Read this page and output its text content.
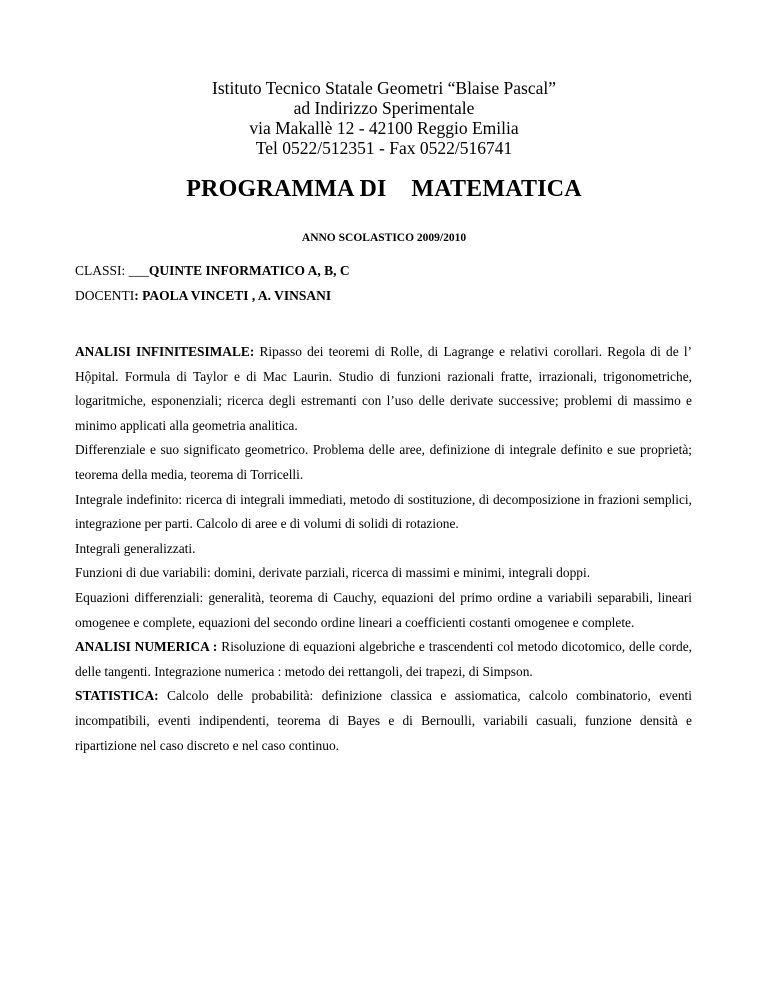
Istituto Tecnico Statale Geometri “Blaise Pascal”
ad Indirizzo Sperimentale
via Makallè 12 - 42100 Reggio Emilia
Tel 0522/512351 - Fax 0522/516741
PROGRAMMA DI    MATEMATICA
ANNO SCOLASTICO 2009/2010
CLASSI: ___QUINTE INFORMATICO A, B, C
DOCENTI: PAOLA VINCETI , A. VINSANI

ANALISI INFINITESIMALE: Ripasso dei teoremi di Rolle, di Lagrange e relativi corollari. Regola di de l’ Hộpital. Formula di Taylor e di Mac Laurin. Studio di funzioni razionali fratte, irrazionali, trigonometriche, logaritmiche, esponenziali; ricerca degli estremanti con l’uso delle derivate successive; problemi di massimo e minimo applicati alla geometria analitica.

Differenziale e suo significato geometrico. Problema delle aree, definizione di integrale definito e sue proprietà; teorema della media, teorema di Torricelli.

Integrale indefinito: ricerca di integrali immediati, metodo di sostituzione, di decomposizione in frazioni semplici, integrazione per parti. Calcolo di aree e di volumi di solidi di rotazione.

Integrali generalizzati.

Funzioni di due variabili: domini, derivate parziali, ricerca di massimi e minimi, integrali doppi.

Equazioni differenziali: generalità, teorema di Cauchy, equazioni del primo ordine a variabili separabili, lineari omogenee e complete, equazioni del secondo ordine lineari a coefficienti costanti omogenee e complete.

ANALISI NUMERICA : Risoluzione di equazioni algebriche e trascendenti col metodo dicotomico, delle corde, delle tangenti. Integrazione numerica : metodo dei rettangoli, dei trapezi, di Simpson.

STATISTICA: Calcolo delle probabilità: definizione classica e assiomatica, calcolo combinatorio, eventi incompatibili, eventi indipendenti, teorema di Bayes e di Bernoulli, variabili casuali, funzione densità e ripartizione nel caso discreto e nel caso continuo.
